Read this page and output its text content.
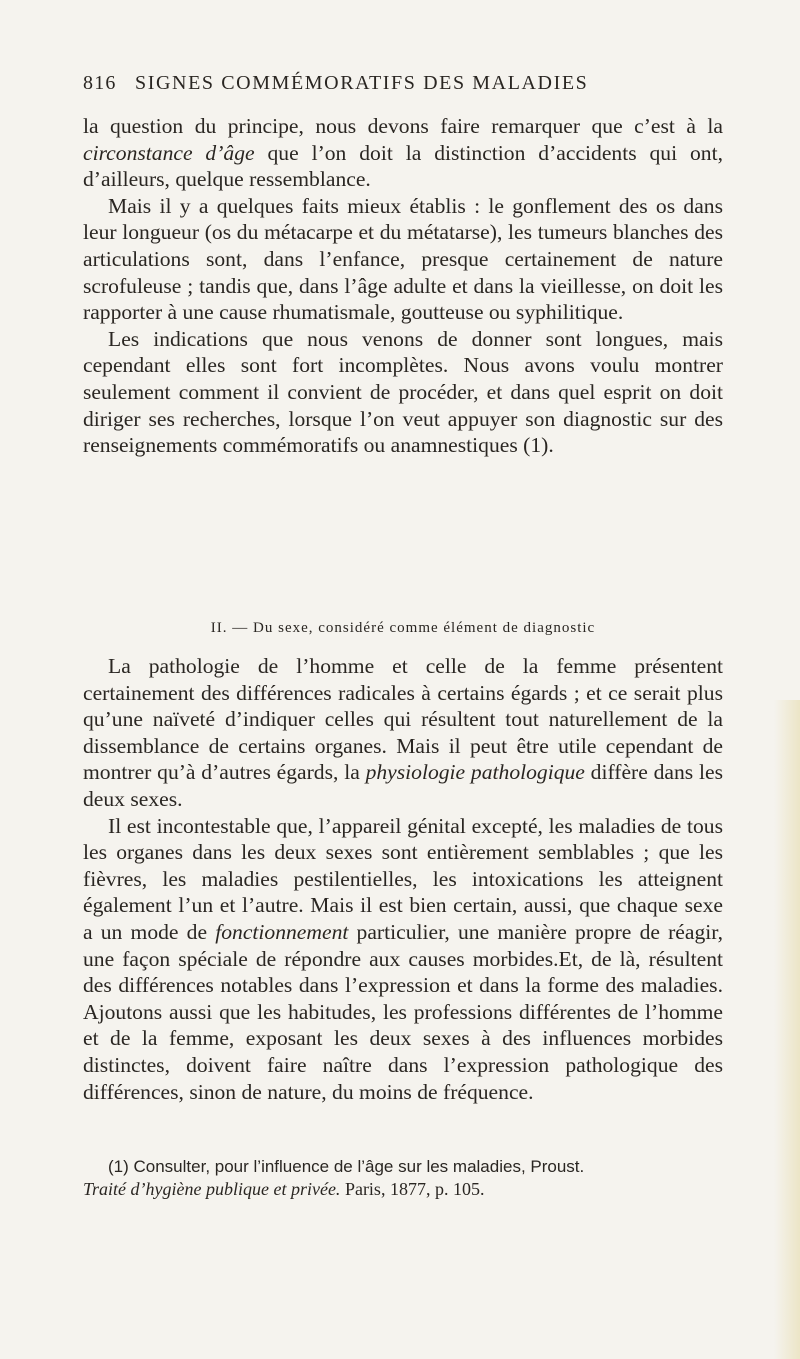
816 SIGNES COMMÉMORATIFS DES MALADIES

la question du principe, nous devons faire remarquer que c’est à la circonstance d’âge que l’on doit la distinction d’accidents qui ont, d’ailleurs, quelque ressemblance.

Mais il y a quelques faits mieux établis : le gonflement des os dans leur longueur (os du métacarpe et du métatarse), les tumeurs blanches des articulations sont, dans l’enfance, presque certainement de nature scrofuleuse ; tandis que, dans l’âge adulte et dans la vieillesse, on doit les rapporter à une cause rhumatismale, goutteuse ou syphilitique.

Les indications que nous venons de donner sont longues, mais cependant elles sont fort incomplètes. Nous avons voulu montrer seulement comment il convient de procéder, et dans quel esprit on doit diriger ses recherches, lorsque l’on veut appuyer son diagnostic sur des renseignements commémoratifs ou anamnestiques (1).

II. — Du sexe, considéré comme élément de diagnostic

La pathologie de l’homme et celle de la femme présentent certainement des différences radicales à certains égards ; et ce serait plus qu’une naïveté d’indiquer celles qui résultent tout naturellement de la dissemblance de certains organes. Mais il peut être utile cependant de montrer qu’à d’autres égards, la physiologie pathologique diffère dans les deux sexes.

Il est incontestable que, l’appareil génital excepté, les maladies de tous les organes dans les deux sexes sont entièrement semblables ; que les fièvres, les maladies pestilentielles, les intoxications les atteignent également l’un et l’autre. Mais il est bien certain, aussi, que chaque sexe a un mode de fonctionnement particulier, une manière propre de réagir, une façon spéciale de répondre aux causes morbides.Et, de là, résultent des différences notables dans l’expression et dans la forme des maladies. Ajoutons aussi que les habitudes, les professions différentes de l’homme et de la femme, exposant les deux sexes à des influences morbides distinctes, doivent faire naître dans l’expression pathologique des différences, sinon de nature, du moins de fréquence.

(1) Consulter, pour l’influence de l’âge sur les maladies, Proust.

Traité d’hygiène publique et privée. Paris, 1877, p. 105.
